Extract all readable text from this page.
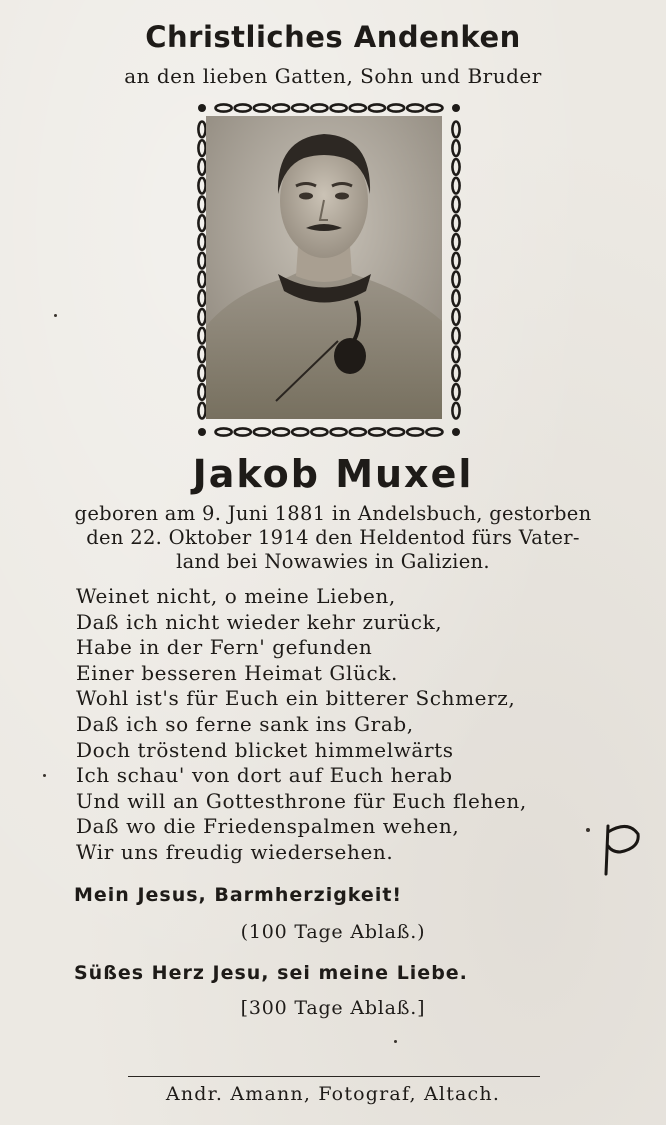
Christliches Andenken
an den lieben Gatten, Sohn und Bruder
Jakob Muxel
geboren am 9. Juni 1881 in Andelsbuch, gestorben
den 22. Oktober 1914 den Heldentod fürs Vater-
land bei Nowawies in Galizien.
Weinet nicht, o meine Lieben,
Daß ich nicht wieder kehr zurück,
Habe in der Fern' gefunden
Einer besseren Heimat Glück.
Wohl ist's für Euch ein bitterer Schmerz,
Daß ich so ferne sank ins Grab,
Doch tröstend blicket himmelwärts
Ich schau' von dort auf Euch herab
Und will an Gottesthrone für Euch flehen,
Daß wo die Friedenspalmen wehen,
Wir uns freudig wiedersehen.
Mein Jesus, Barmherzigkeit!
(100 Tage Ablaß.)
Süßes Herz Jesu, sei meine Liebe.
[300 Tage Ablaß.]
Andr. Amann, Fotograf, Altach.
